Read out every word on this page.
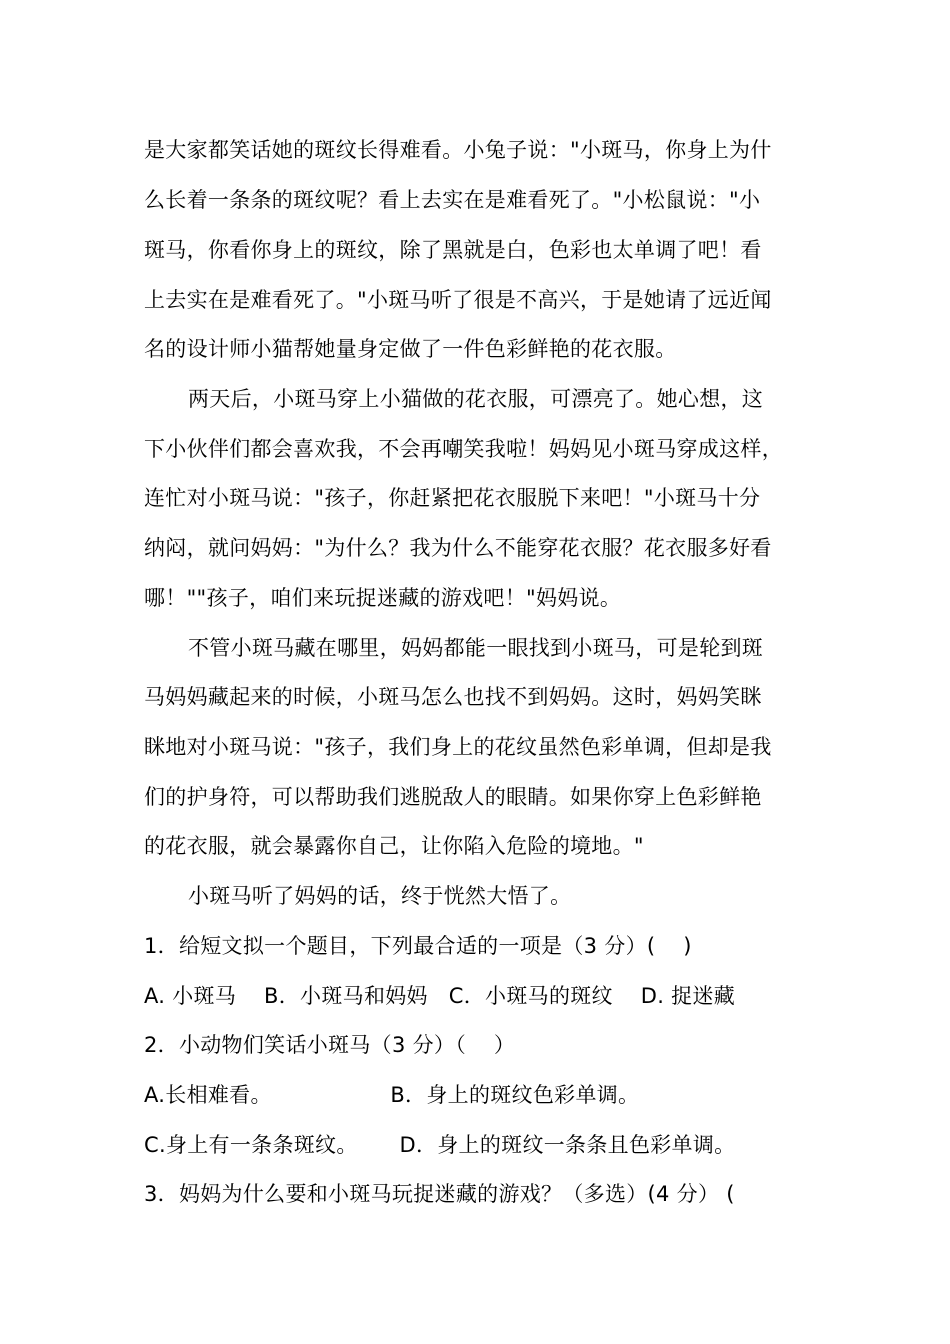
是大家都笑话她的斑纹长得难看。小兔子说："小斑马，你身上为什
么长着一条条的斑纹呢？看上去实在是难看死了。"小松鼠说："小
斑马，你看你身上的斑纹，除了黑就是白，色彩也太单调了吧！看
上去实在是难看死了。"小斑马听了很是不高兴，于是她请了远近闻
名的设计师小猫帮她量身定做了一件色彩鲜艳的花衣服。
两天后，小斑马穿上小猫做的花衣服，可漂亮了。她心想，这
下小伙伴们都会喜欢我，不会再嘲笑我啦！妈妈见小斑马穿成这样，
连忙对小斑马说："孩子，你赶紧把花衣服脱下来吧！"小斑马十分
纳闷，就问妈妈："为什么？我为什么不能穿花衣服？花衣服多好看
哪！""孩子，咱们来玩捉迷藏的游戏吧！"妈妈说。
不管小斑马藏在哪里，妈妈都能一眼找到小斑马，可是轮到斑
马妈妈藏起来的时候，小斑马怎么也找不到妈妈。这时，妈妈笑眯
眯地对小斑马说："孩子，我们身上的花纹虽然色彩单调，但却是我
们的护身符，可以帮助我们逃脱敌人的眼睛。如果你穿上色彩鲜艳
的花衣服，就会暴露你自己，让你陷入危险的境地。"
小斑马听了妈妈的话，终于恍然大悟了。
1．给短文拟一个题目，下列最合适的一项是（3 分）(    )
A. 小斑马    B．小斑马和妈妈   C．小斑马的斑纹    D. 捉迷藏
2．小动物们笑话小斑马（3 分）（    ）
A.长相难看。                 B．身上的斑纹色彩单调。
C.身上有一条条斑纹。      D．身上的斑纹一条条且色彩单调。
3．妈妈为什么要和小斑马玩捉迷藏的游戏？（多选）(4 分） (
